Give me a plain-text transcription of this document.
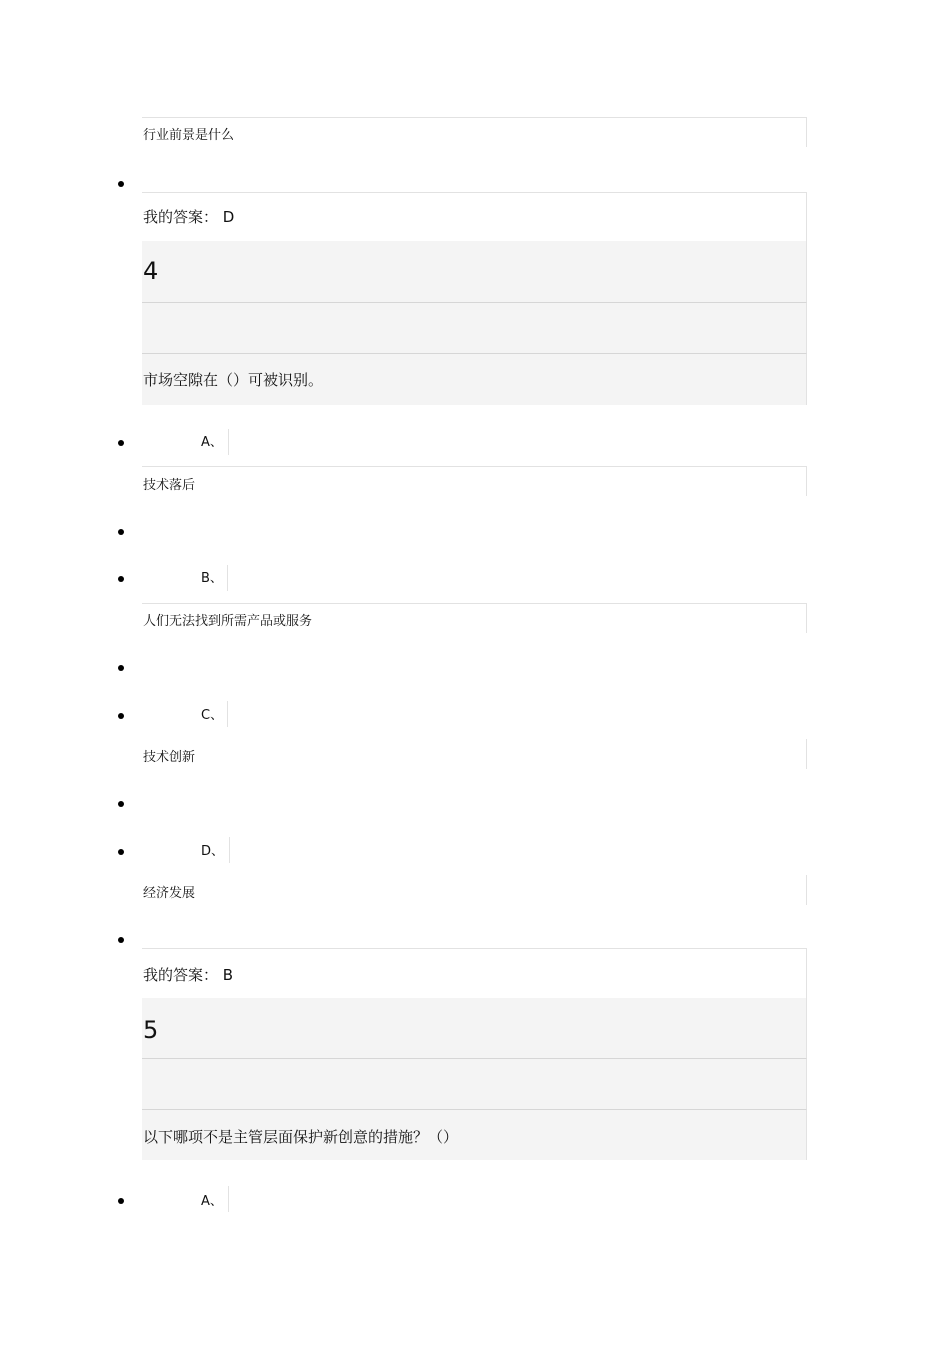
行业前景是什么
我的答案： D
4
市场空隙在（）可被识别。
A、
技术落后
B、
人们无法找到所需产品或服务
C、
技术创新
D、
经济发展
我的答案： B
5
以下哪项不是主管层面保护新创意的措施？（）
A、
